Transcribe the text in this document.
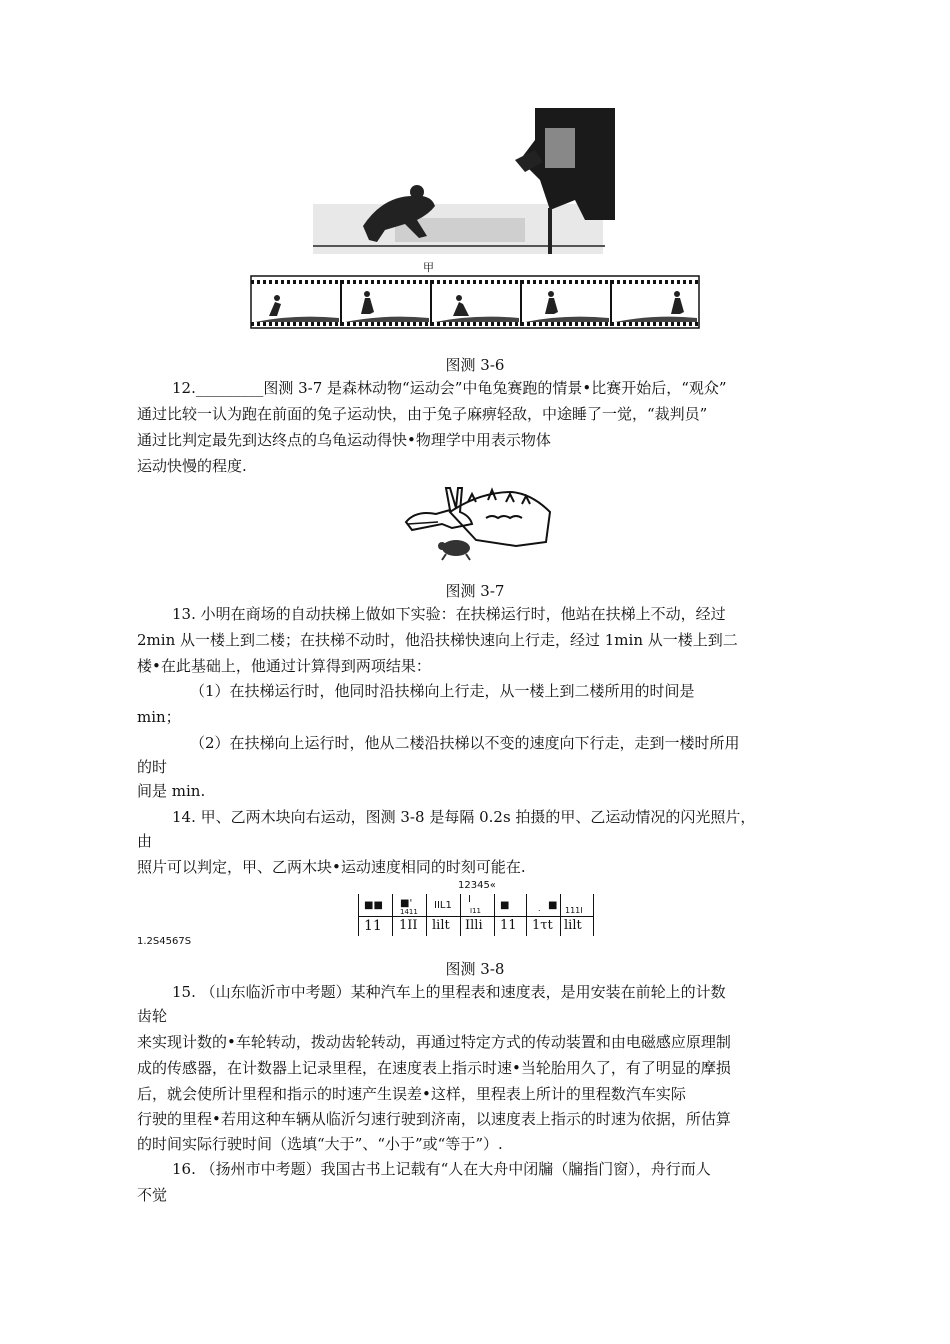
甲
图测 3-6
12._________图测 3-7 是森林动物“运动会”中龟兔赛跑的情景•比赛开始后，“观众”
通过比较一认为跑在前面的兔子运动快，由于兔子麻痹轻敌，中途睡了一觉，“裁判员”
通过比判定最先到达终点的乌龟运动得快•物理学中用表示物体
运动快慢的程度.
图测 3-7
13. 小明在商场的自动扶梯上做如下实验：在扶梯运行时，他站在扶梯上不动，经过
2min 从一楼上到二楼；在扶梯不动时，他沿扶梯快速向上行走，经过 1min 从一楼上到二
楼•在此基础上，他通过计算得到两项结果：
（1）在扶梯运行时，他同时沿扶梯向上行走，从一楼上到二楼所用的时间是
min；
（2）在扶梯向上运行时，他从二楼沿扶梯以不变的速度向下行走，走到一楼时所用
的时
间是 min.
14. 甲、乙两木块向右运动，图测 3-8 是每隔 0.2s 拍摄的甲、乙运动情况的闪光照片，
由
照片可以判定，甲、乙两木块•运动速度相同的时刻可能在.
12345«
■■ ■'
1411
IIL1
I
I11 ■	. ■ 111I
11 1II lilt Illi 11 1τt lilt
1.2S4567S
图测 3-8
15. （山东临沂市中考题）某种汽车上的里程表和速度表，是用安装在前轮上的计数
齿轮
来实现计数的•车轮转动，拨动齿轮转动，再通过特定方式的传动装置和由电磁感应原理制
成的传感器，在计数器上记录里程，在速度表上指示时速•当轮胎用久了，有了明显的摩损
后，就会使所计里程和指示的时速产生误差•这样，里程表上所计的里程数汽车实际
行驶的里程•若用这种车辆从临沂匀速行驶到济南，以速度表上指示的时速为依据，所估算
的时间实际行驶时间（选填“大于”、“小于”或“等于”）.
16. （扬州市中考题）我国古书上记载有“人在大舟中闭牖（牖指门窗），舟行而人
不觉
